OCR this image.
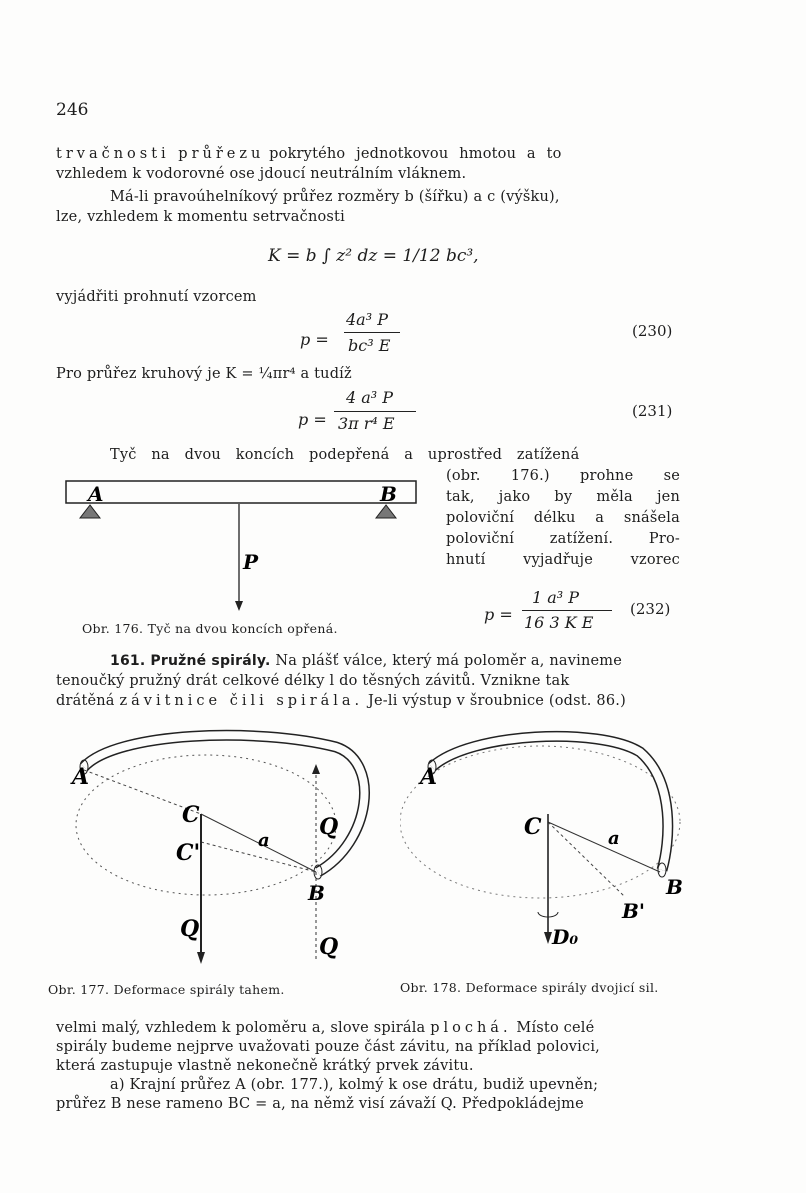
246
trvačnosti průřezu pokrytého jednotkovou hmotou a to
vzhledem k vodorovné ose jdoucí neutrálním vláknem.
Má-li pravoúhelníkový průřez rozměry b (šířku) a c (výšku),
lze, vzhledem k momentu setrvačnosti
K = b ∫ z² dz = 1/12 bc³,
vyjádřiti prohnutí vzorcem
p =
4a³ P
bc³ E
(230)
Pro průřez kruhový je K = ¼πr⁴ a tudíž
p =
4 a³ P
3π r⁴ E
(231)
Tyč na dvou koncích podepřená a uprostřed zatížená
(obr. 176.) prohne se
tak, jako by měla jen
poloviční délku a snášela
poloviční zatížení. Pro-
hnutí vyjadřuje vzorec
A	B
P
Obr. 176. Tyč na dvou koncích opřená.
p =
1 a³ P
16 3 K E
(232)
161. Pružné spirály. Na plášť válce, který má poloměr a, navineme
tenoučký pružný drát celkové délky l do těsných závitů. Vznikne tak
drátěná závitnice čili spirála. Je-li výstup v šroubnice (odst. 86.)
A
C
C'	a
Q
B
Q
Q
Obr. 177. Deformace spirály tahem.
A
C	a
B
B'
D₀
Obr. 178. Deformace spirály dvojicí sil.
velmi malý, vzhledem k poloměru a, slove spirála plochá. Místo celé
spirály budeme nejprve uvažovati pouze část závitu, na příklad polovici,
která zastupuje vlastně nekonečně krátký prvek závitu.
a) Krajní průřez A (obr. 177.), kolmý k ose drátu, budiž upevněn;
průřez B nese rameno BC = a, na němž visí závaží Q. Předpokládejme
